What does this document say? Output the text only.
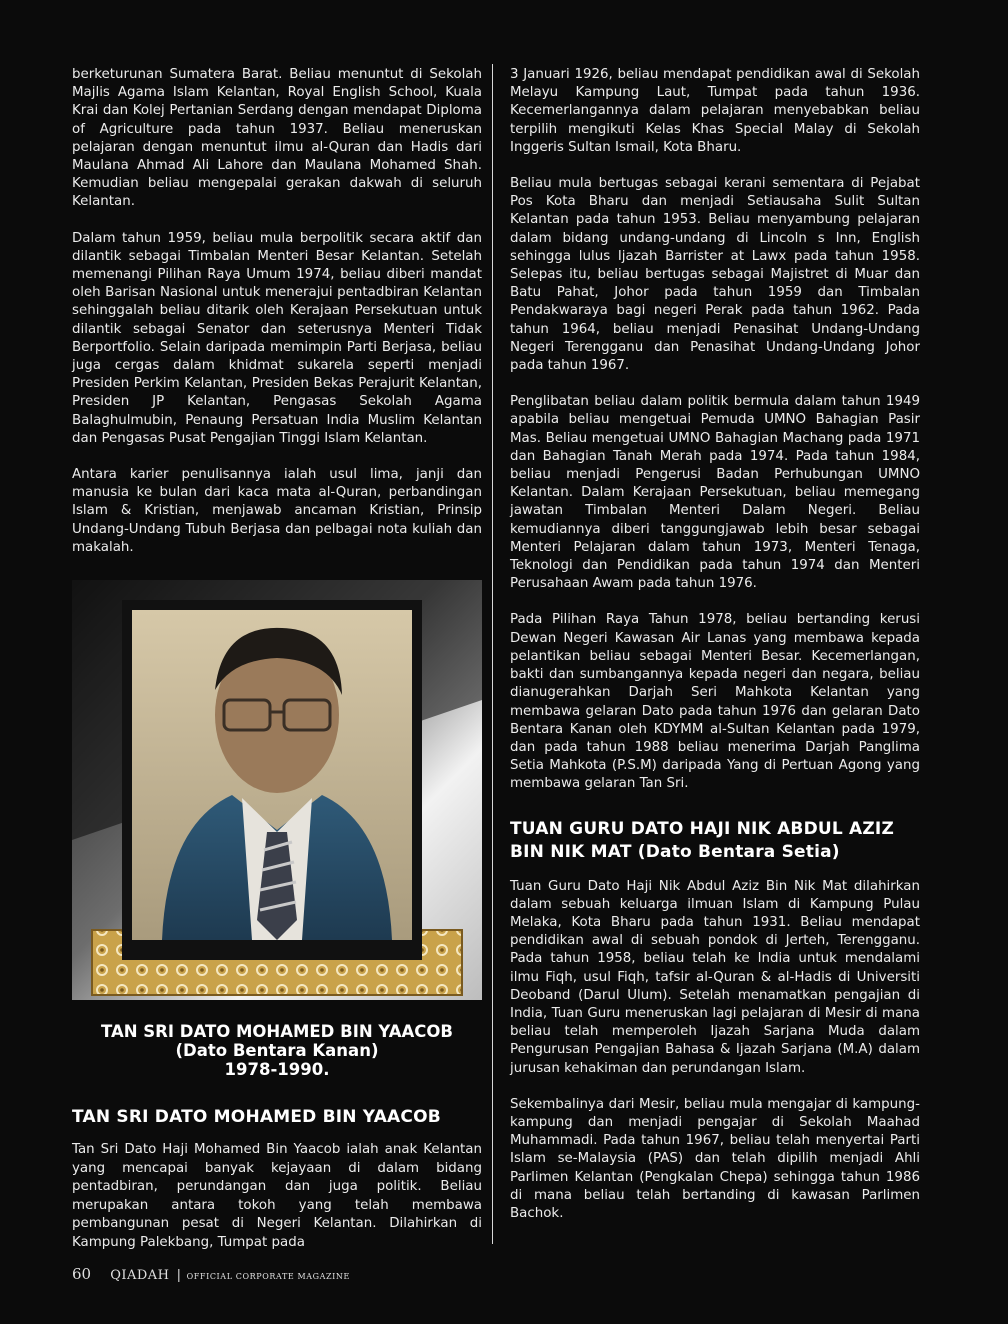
berketurunan Sumatera Barat. Beliau menuntut di Sekolah Majlis Agama Islam Kelantan, Royal English School, Kuala Krai dan Kolej Pertanian Serdang dengan mendapat Diploma of Agriculture pada tahun 1937. Beliau meneruskan pelajaran dengan menuntut ilmu al-Quran dan Hadis dari Maulana Ahmad Ali Lahore dan Maulana Mohamed Shah. Kemudian beliau mengepalai gerakan dakwah di seluruh Kelantan.

Dalam tahun 1959, beliau mula berpolitik secara aktif dan dilantik sebagai Timbalan Menteri Besar Kelantan. Setelah memenangi Pilihan Raya Umum 1974, beliau diberi mandat oleh Barisan Nasional untuk menerajui pentadbiran Kelantan sehinggalah beliau ditarik oleh Kerajaan Persekutuan untuk dilantik sebagai Senator dan seterusnya Menteri Tidak Berportfolio. Selain daripada memimpin Parti Berjasa, beliau juga cergas dalam khidmat sukarela seperti menjadi Presiden Perkim Kelantan, Presiden Bekas Perajurit Kelantan, Presiden JP Kelantan, Pengasas Sekolah Agama Balaghulmubin, Penaung Persatuan India Muslim Kelantan dan Pengasas Pusat Pengajian Tinggi Islam Kelantan.

Antara karier penulisannya ialah usul lima, janji dan manusia ke bulan dari kaca mata al-Quran, perbandingan Islam & Kristian, menjawab ancaman Kristian, Prinsip Undang-Undang Tubuh Berjasa dan pelbagai nota kuliah dan makalah.

TAN SRI DATO MOHAMED BIN YAACOB
(Dato Bentara Kanan)
1978-1990.
TAN SRI DATO MOHAMED BIN YAACOB
Tan Sri Dato Haji Mohamed Bin Yaacob ialah anak Kelantan yang mencapai banyak kejayaan di dalam bidang pentadbiran, perundangan dan juga politik. Beliau merupakan antara tokoh yang telah membawa pembangunan pesat di Negeri Kelantan. Dilahirkan di Kampung Palekbang, Tumpat pada

3 Januari 1926, beliau mendapat pendidikan awal di Sekolah Melayu Kampung Laut, Tumpat pada tahun 1936. Kecemerlangannya dalam pelajaran menyebabkan beliau terpilih mengikuti Kelas Khas Special Malay di Sekolah Inggeris Sultan Ismail, Kota Bharu.

Beliau mula bertugas sebagai kerani sementara di Pejabat Pos Kota Bharu dan menjadi Setiausaha Sulit Sultan Kelantan pada tahun 1953. Beliau menyambung pelajaran dalam bidang undang-undang di Lincoln s Inn, English sehingga lulus Ijazah Barrister at Lawx pada tahun 1958. Selepas itu, beliau bertugas sebagai Majistret di Muar dan Batu Pahat, Johor pada tahun 1959 dan Timbalan Pendakwaraya bagi negeri Perak pada tahun 1962. Pada tahun 1964, beliau menjadi Penasihat Undang-Undang Negeri Terengganu dan Penasihat Undang-Undang Johor pada tahun 1967.

Penglibatan beliau dalam politik bermula dalam tahun 1949 apabila beliau mengetuai Pemuda UMNO Bahagian Pasir Mas. Beliau mengetuai UMNO Bahagian Machang pada 1971 dan Bahagian Tanah Merah pada 1974. Pada tahun 1984, beliau menjadi Pengerusi Badan Perhubungan UMNO Kelantan. Dalam Kerajaan Persekutuan, beliau memegang jawatan Timbalan Menteri Dalam Negeri. Beliau kemudiannya diberi tanggungjawab lebih besar sebagai Menteri Pelajaran dalam tahun 1973, Menteri Tenaga, Teknologi dan Pendidikan pada tahun 1974 dan Menteri Perusahaan Awam pada tahun 1976.

Pada Pilihan Raya Tahun 1978, beliau bertanding kerusi Dewan Negeri Kawasan Air Lanas yang membawa kepada pelantikan beliau sebagai Menteri Besar. Kecemerlangan, bakti dan sumbangannya kepada negeri dan negara, beliau dianugerahkan Darjah Seri Mahkota Kelantan yang membawa gelaran Dato pada tahun 1976 dan gelaran Dato Bentara Kanan oleh KDYMM al-Sultan Kelantan pada 1979, dan pada tahun 1988 beliau menerima Darjah Panglima Setia Mahkota (P.S.M) daripada Yang di Pertuan Agong yang membawa gelaran Tan Sri.

TUAN GURU DATO HAJI NIK ABDUL AZIZ
BIN NIK MAT (Dato Bentara Setia)

Tuan Guru Dato Haji Nik Abdul Aziz Bin Nik Mat dilahirkan dalam sebuah keluarga ilmuan Islam di Kampung Pulau Melaka, Kota Bharu pada tahun 1931. Beliau mendapat pendidikan awal di sebuah pondok di Jerteh, Terengganu. Pada tahun 1958, beliau telah ke India untuk mendalami ilmu Fiqh, usul Fiqh, tafsir al-Quran & al-Hadis di Universiti Deoband (Darul Ulum). Setelah menamatkan pengajian di India, Tuan Guru meneruskan lagi pelajaran di Mesir di mana beliau telah memperoleh Ijazah Sarjana Muda dalam Pengurusan Pengajian Bahasa & Ijazah Sarjana (M.A) dalam jurusan kehakiman dan perundangan Islam.

Sekembalinya dari Mesir, beliau mula mengajar di kampung-kampung dan menjadi pengajar di Sekolah Maahad Muhammadi. Pada tahun 1967, beliau telah menyertai Parti Islam se-Malaysia (PAS) dan telah dipilih menjadi Ahli Parlimen Kelantan (Pengkalan Chepa) sehingga tahun 1986 di mana beliau telah bertanding di kawasan Parlimen Bachok.

60 QIADAH | OFFICIAL CORPORATE MAGAZINE
